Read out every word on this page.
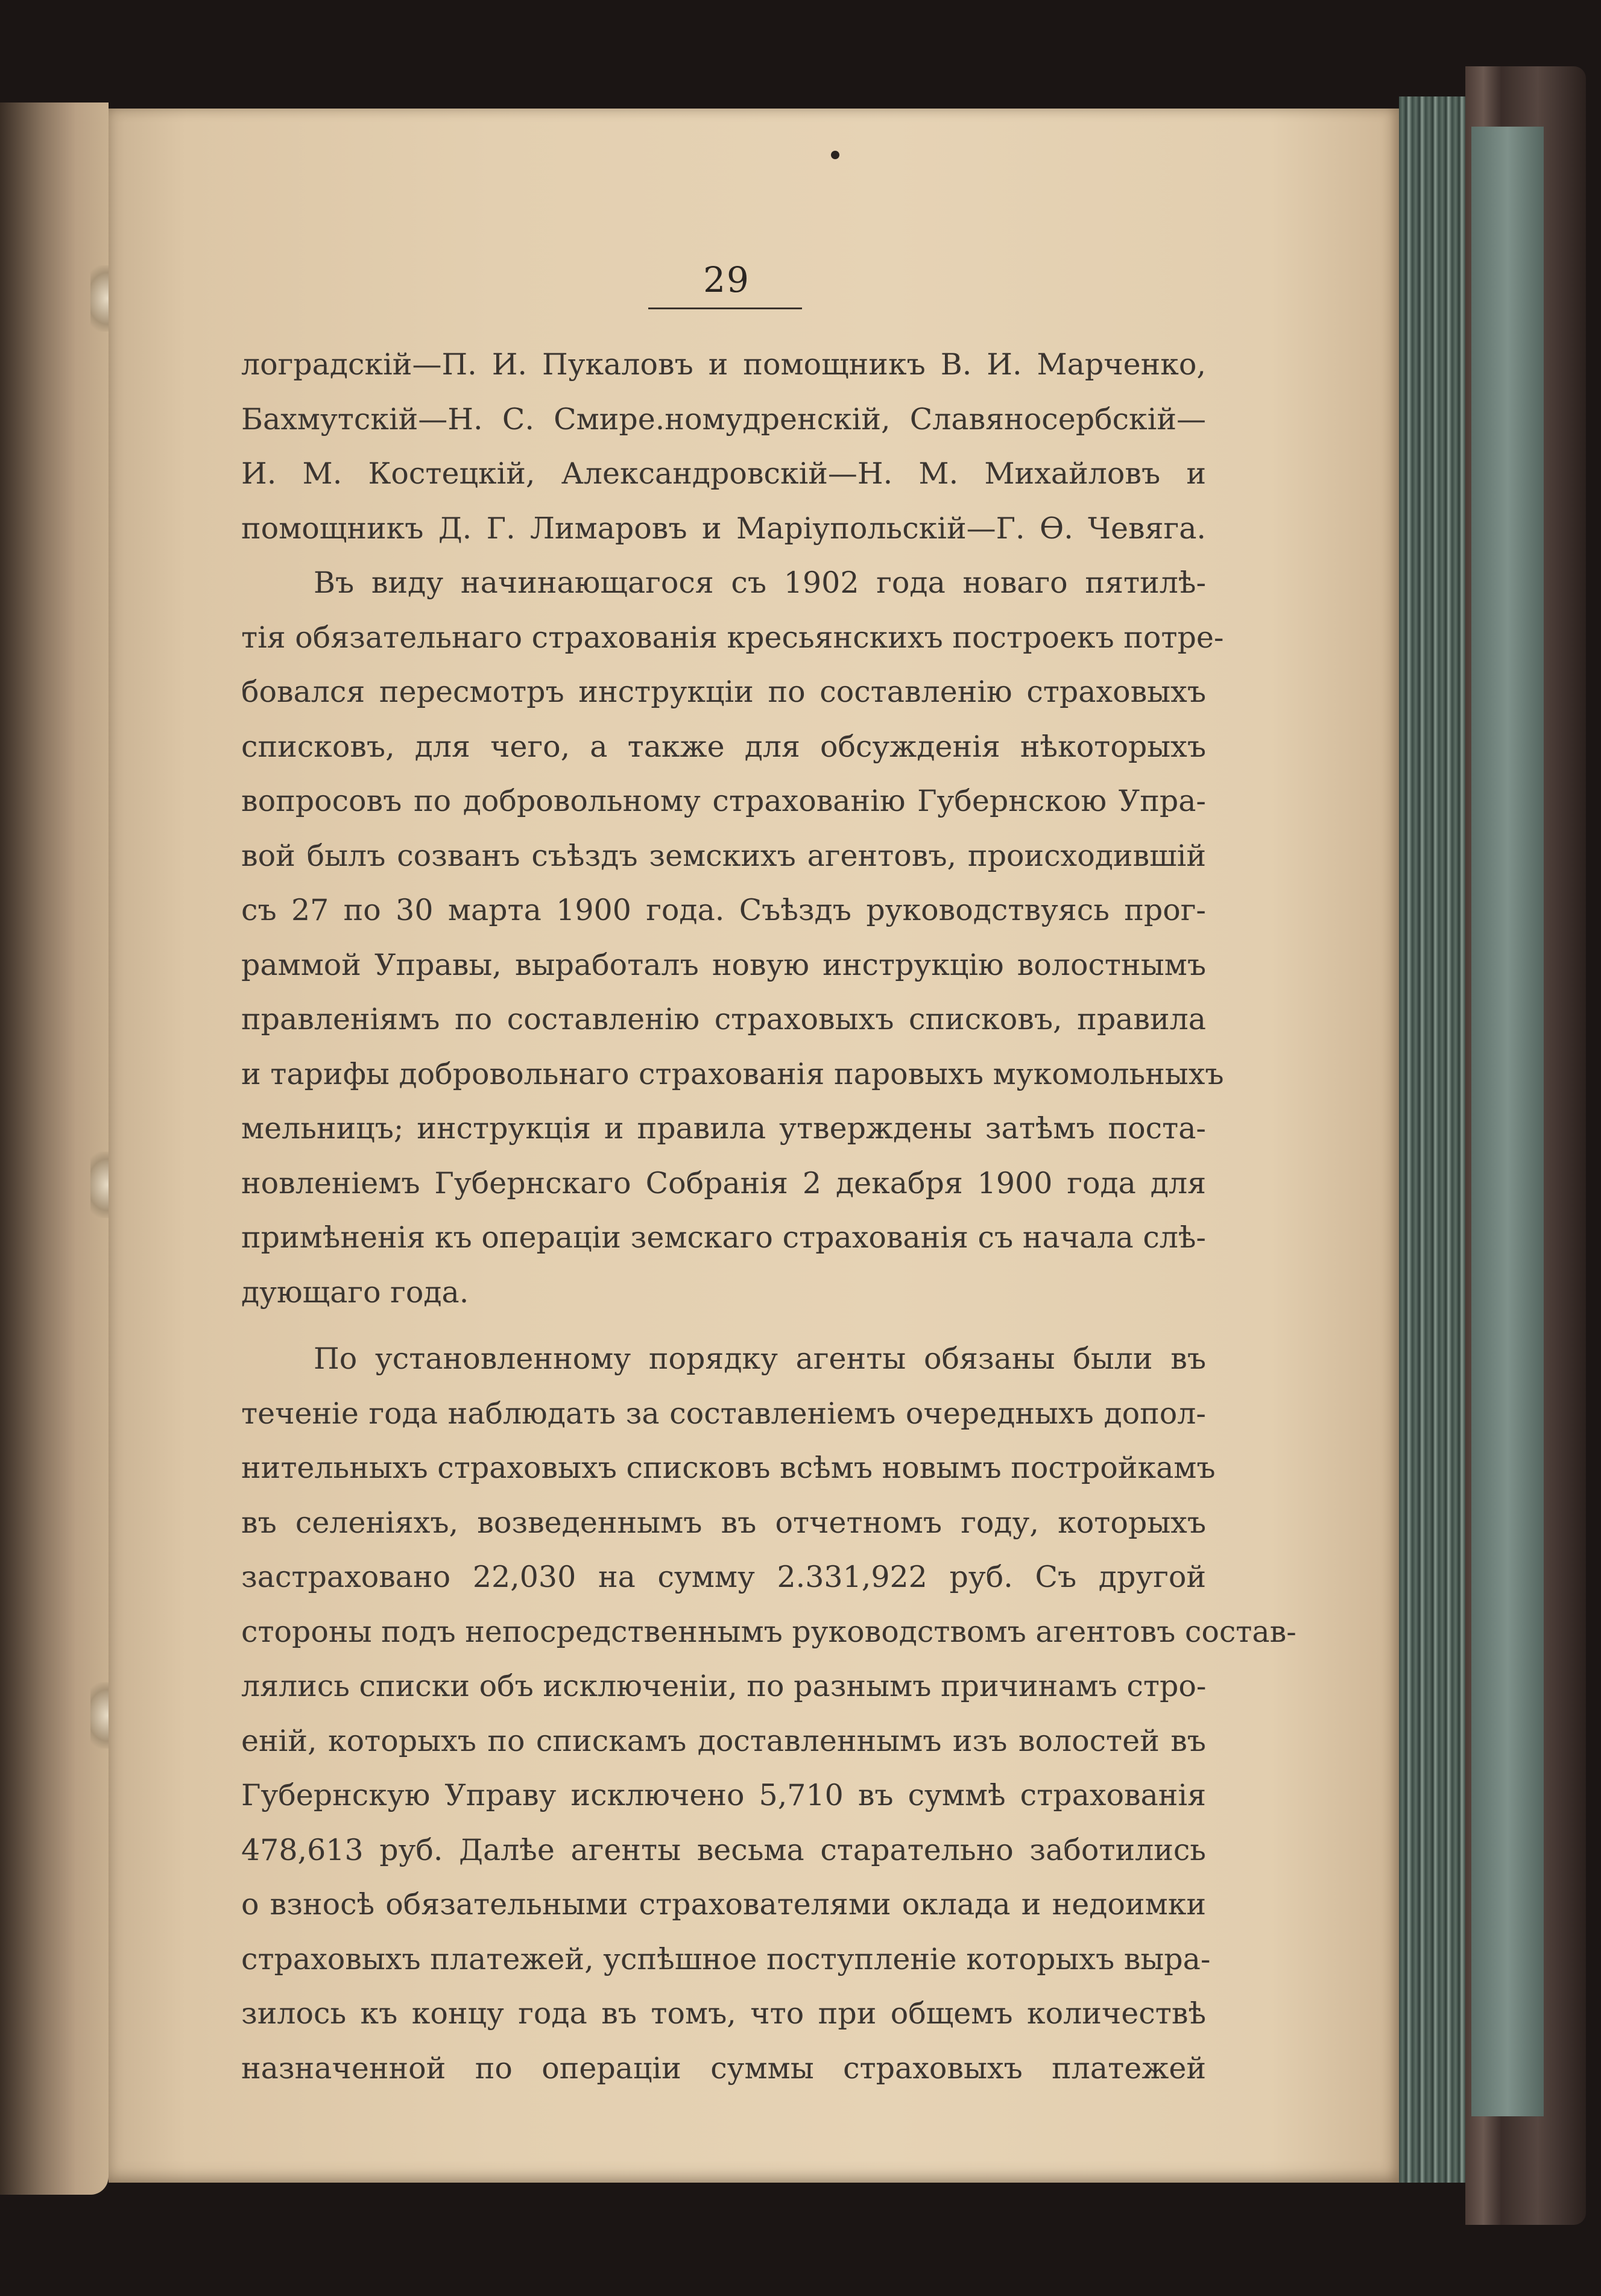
29
лоградскій—П. И. Пукаловъ и помощникъ В. И. Марченко,
Бахмутскій—Н. С. Смире.номудренскій, Славяносербскій—
И. М. Костецкій, Александровскій—Н. М. Михайловъ и
помощникъ Д. Г. Лимаровъ и Маріупольскій—Г. Ѳ. Чевяга.
Въ виду начинающагося съ 1902 года новаго пятилѣ-
тія обязательнаго страхованія кресьянскихъ построекъ потре-
бовался пересмотръ инструкціи по составленію страховыхъ
списковъ, для чего, а также для обсужденія нѣкоторыхъ
вопросовъ по добровольному страхованію Губернскою Упра-
вой былъ созванъ съѣздъ земскихъ агентовъ, происходившій
съ 27 по 30 марта 1900 года. Съѣздъ руководствуясь прог-
раммой Управы, выработалъ новую инструкцію волостнымъ
правленіямъ по составленію страховыхъ списковъ, правила
и тарифы добровольнаго страхованія паровыхъ мукомольныхъ
мельницъ; инструкція и правила утверждены затѣмъ поста-
новленіемъ Губернскаго Собранія 2 декабря 1900 года для
примѣненія къ операціи земскаго страхованія съ начала слѣ-
дующаго года.
По установленному порядку агенты обязаны были въ
теченіе года наблюдать за составленіемъ очередныхъ допол-
нительныхъ страховыхъ списковъ всѣмъ новымъ постройкамъ
въ селеніяхъ, возведеннымъ въ отчетномъ году, которыхъ
застраховано 22,030 на сумму 2.331,922 руб. Съ другой
стороны подъ непосредственнымъ руководствомъ агентовъ состав-
лялись списки объ исключеніи, по разнымъ причинамъ стро-
еній, которыхъ по спискамъ доставленнымъ изъ волостей въ
Губернскую Управу исключено 5,710 въ суммѣ страхованія
478,613 руб. Далѣе агенты весьма старательно заботились
о взносѣ обязательными страхователями оклада и недоимки
страховыхъ платежей, успѣшное поступленіе которыхъ выра-
зилось къ концу года въ томъ, что при общемъ количествѣ
назначенной по операціи суммы страховыхъ платежей
